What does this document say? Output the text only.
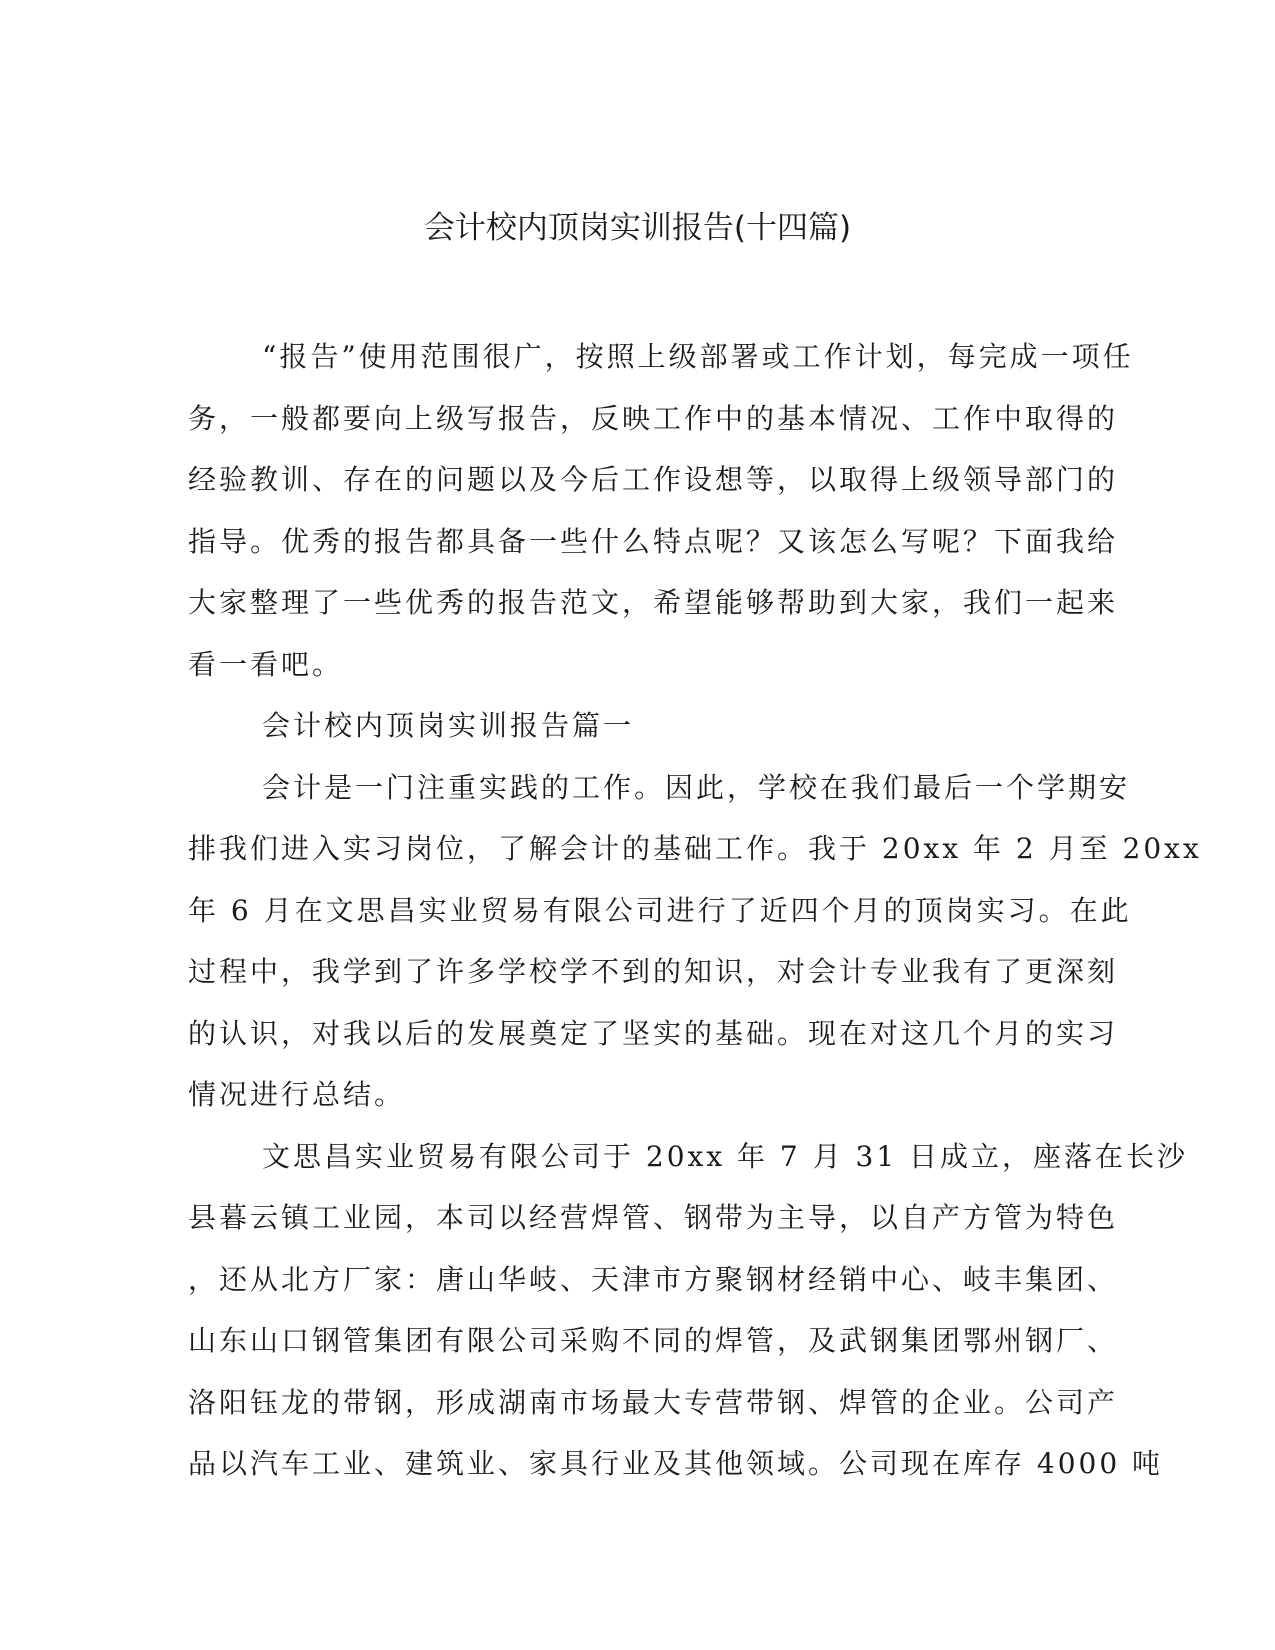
会计校内顶岗实训报告(十四篇)
“报告”使用范围很广，按照上级部署或工作计划，每完成一项任
务，一般都要向上级写报告，反映工作中的基本情况、工作中取得的
经验教训、存在的问题以及今后工作设想等，以取得上级领导部门的
指导。优秀的报告都具备一些什么特点呢？又该怎么写呢？下面我给
大家整理了一些优秀的报告范文，希望能够帮助到大家，我们一起来
看一看吧。
会计校内顶岗实训报告篇一
会计是一门注重实践的工作。因此，学校在我们最后一个学期安
排我们进入实习岗位，了解会计的基础工作。我于 20xx 年 2 月至 20xx
年 6 月在文思昌实业贸易有限公司进行了近四个月的顶岗实习。在此
过程中，我学到了许多学校学不到的知识，对会计专业我有了更深刻
的认识，对我以后的发展奠定了坚实的基础。现在对这几个月的实习
情况进行总结。
文思昌实业贸易有限公司于 20xx 年 7 月 31 日成立，座落在长沙
县暮云镇工业园，本司以经营焊管、钢带为主导，以自产方管为特色
，还从北方厂家：唐山华岐、天津市方聚钢材经销中心、岐丰集团、
山东山口钢管集团有限公司采购不同的焊管，及武钢集团鄂州钢厂、
洛阳钰龙的带钢，形成湖南市场最大专营带钢、焊管的企业。公司产
品以汽车工业、建筑业、家具行业及其他领域。公司现在库存 4000 吨
